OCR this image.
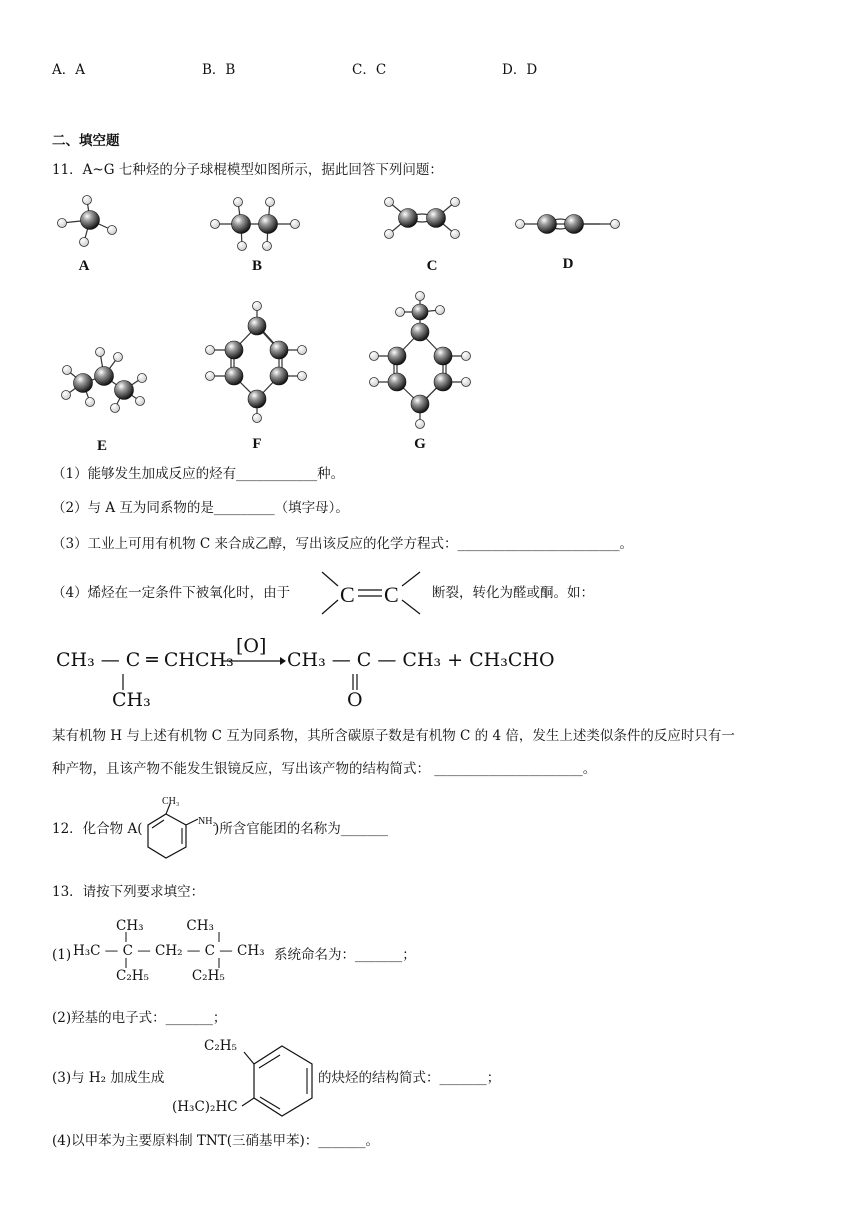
A．A	B．B	C．C	D．D
二、填空题
11．A~G 七种烃的分子球棍模型如图所示，据此回答下列问题：
A	B	C	D
E	F	G
（1）能够发生加成反应的烃有____________种。
（2）与 A 互为同系物的是_________（填字母）。
（3）工业上可用有机物 C 来合成乙醇，写出该反应的化学方程式：________________________。
（4）烯烃在一定条件下被氧化时，由于 C C 断裂，转化为醛或酮。如：
CH₃ — C ═ CHCH₃
CH₃
[O]
→ CH₃ — C — CH₃ + CH₃CHO
O
某有机物 H 与上述有机物 C 互为同系物，其所含碳原子数是有机物 C 的 4 倍，发生上述类似条件的反应时只有一
种产物，且该产物不能发生银镜反应，写出该产物的结构简式： ______________________。
12．化合物 A(
CH₃
NH₂
)所含官能团的名称为_______
13．请按下列要求填空：
(1)
CH₃          CH₃
H₃C — C — CH₂ — C — CH₃
C₂H₅          C₂H₅
系统命名为：_______；
(2)羟基的电子式：_______；
(3)与 H₂ 加成生成
C₂H₅
(H₃C)₂HC
的炔烃的结构简式：_______；
(4)以甲苯为主要原料制 TNT(三硝基甲苯)：_______。
